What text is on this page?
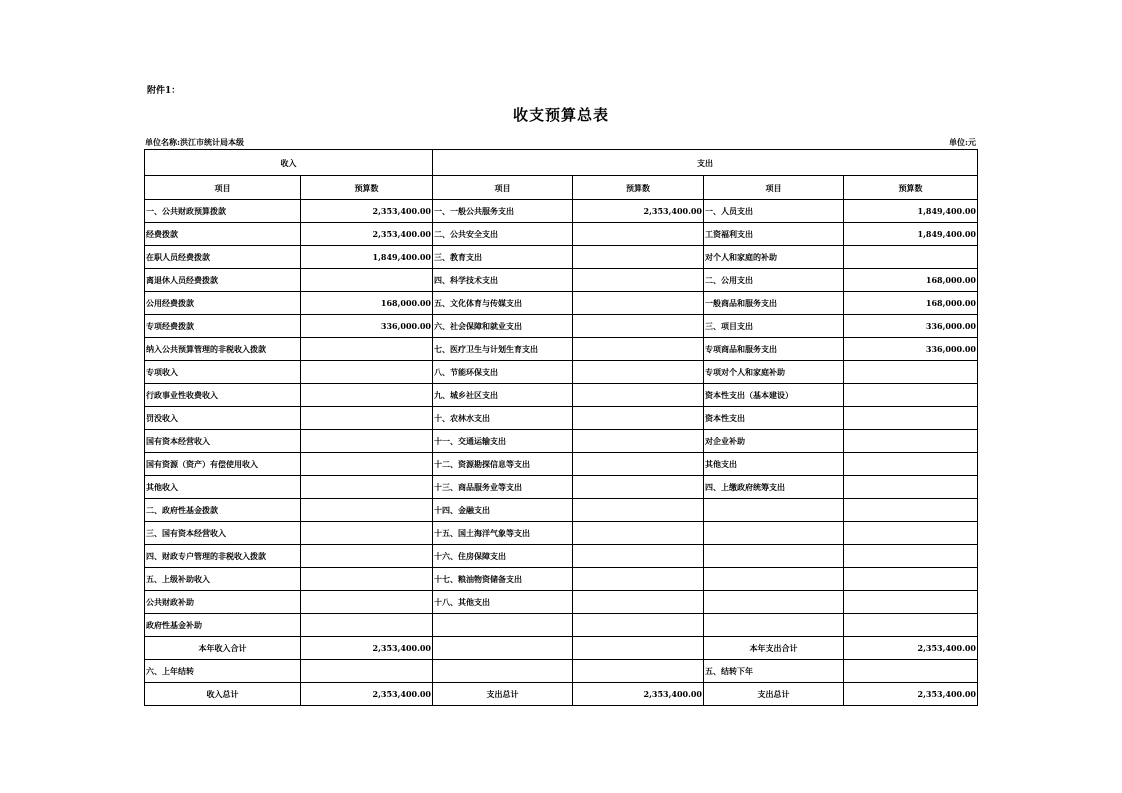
附件1：
收支预算总表
单位名称:洪江市统计局本级	单位:元
收入		支出			
项目	预算数	项目	预算数	项目	预算数
一、公共财政预算拨款	2,353,400.00	一、一般公共服务支出	2,353,400.00	一、人员支出	1,849,400.00
经费拨款	2,353,400.00	二、公共安全支出		工资福利支出	1,849,400.00
在职人员经费拨款	1,849,400.00	三、教育支出		对个人和家庭的补助	
离退休人员经费拨款		四、科学技术支出		二、公用支出	168,000.00
公用经费拨款	168,000.00	五、文化体育与传媒支出		一般商品和服务支出	168,000.00
专项经费拨款	336,000.00	六、社会保障和就业支出		三、项目支出	336,000.00
纳入公共预算管理的非税收入拨款		七、医疗卫生与计划生育支出		专项商品和服务支出	336,000.00
专项收入		八、节能环保支出		专项对个人和家庭补助	
行政事业性收费收入		九、城乡社区支出		资本性支出（基本建设）	
罚没收入		十、农林水支出		资本性支出	
国有资本经营收入		十一、交通运输支出		对企业补助	
国有资源（资产）有偿使用收入		十二、资源勘探信息等支出		其他支出	
其他收入		十三、商品服务业等支出		四、上缴政府统筹支出	
二、政府性基金拨款		十四、金融支出			
三、国有资本经营收入		十五、国土海洋气象等支出			
四、财政专户管理的非税收入拨款		十六、住房保障支出			
五、上级补助收入		十七、粮油物资储备支出			
公共财政补助		十八、其他支出			
政府性基金补助					
本年收入合计	2,353,400.00			本年支出合计	2,353,400.00
六、上年结转				五、结转下年	
收入总计	2,353,400.00	支出总计	2,353,400.00	支出总计	2,353,400.00
